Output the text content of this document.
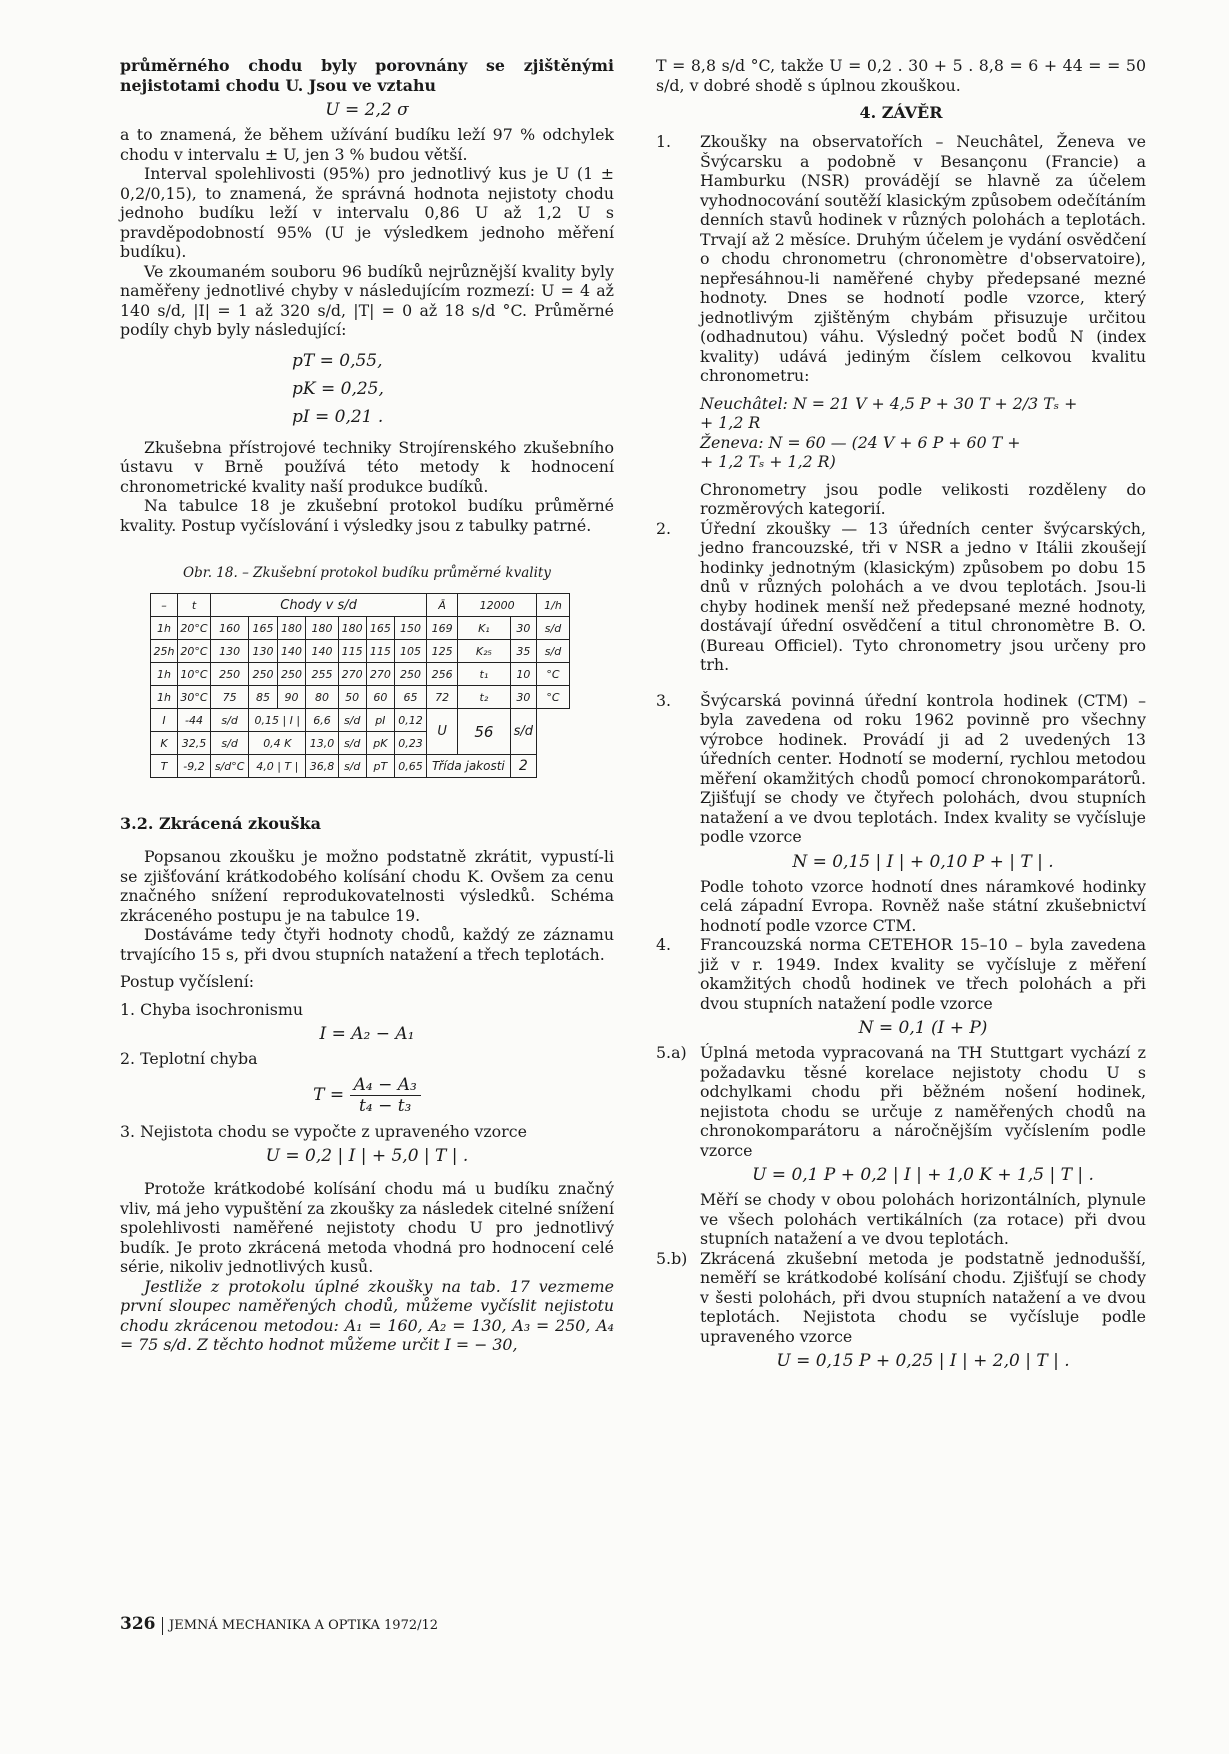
průměrného chodu byly porovnány se zjištěnými nejistotami chodu U. Jsou ve vztahu

U = 2,2 σ

a to znamená, že během užívání budíku leží 97 % odchylek chodu v intervalu ± U, jen 3 % budou větší.

Interval spolehlivosti (95%) pro jednotlivý kus je U (1 ± 0,2/0,15), to znamená, že správná hodnota nejistoty chodu jednoho budíku leží v intervalu 0,86 U až 1,2 U s pravděpodobností 95% (U je výsledkem jednoho měření budíku).

Ve zkoumaném souboru 96 budíků nejrůznější kvality byly naměřeny jednotlivé chyby v následujícím rozmezí: U = 4 až 140 s/d, |I| = 1 až 320 s/d, |T| = 0 až 18 s/d °C. Průměrné podíly chyb byly následující:

pT = 0,55,

pK = 0,25,

pI = 0,21 .

Zkušebna přístrojové techniky Strojírenského zkušebního ústavu v Brně používá této metody k hodnocení chronometrické kvality naší produkce budíků.

Na tabulce 18 je zkušební protokol budíku průměrné kvality. Postup vyčíslování i výsledky jsou z tabulky patrné.

Obr. 18. – Zkušební protokol budíku průměrné kvality

–	t	Chody v s/d							Ā	12000		1/h
1h	20°C	160	165	180	180	180	165	150	169	K₁	30	s/d
25h	20°C	130	130	140	140	115	115	105	125	K₂₅	35	s/d
1h	10°C	250	250	250	255	270	270	250	256	t₁	10	°C
1h	30°C	75	85	90	80	50	60	65	72	t₂	30	°C
I	-44	s/d	0,15 | I |		6,6	s/d	pI	0,12	U	56	s/d	
K	32,5	s/d	0,4 K		13,0	s/d	pK	0,23				
T	-9,2	s/d°C	4,0 | T |		36,8	s/d	pT	0,65	Třída jakosti		2	
3.2. Zkrácená zkouška

Popsanou zkoušku je možno podstatně zkrátit, vypustí-li se zjišťování krátkodobého kolísání chodu K. Ovšem za cenu značného snížení reprodukovatelnosti výsledků. Schéma zkráceného postupu je na tabulce 19.

Dostáváme tedy čtyři hodnoty chodů, každý ze záznamu trvajícího 15 s, při dvou stupních natažení a třech teplotách.

Postup vyčíslení:

1. Chyba isochronismu

I = A₂ − A₁

2. Teplotní chyba

$T = \frac{\text{A₄ − A₃}}{\text{t₄ − t₃}}$

3. Nejistota chodu se vypočte z upraveného vzorce

U = 0,2 | I | + 5,0 | T | .

Protože krátkodobé kolísání chodu má u budíku značný vliv, má jeho vypuštění za zkoušky za následek citelné snížení spolehlivosti naměřené nejistoty chodu U pro jednotlivý budík. Je proto zkrácená metoda vhodná pro hodnocení celé série, nikoliv jednotlivých kusů.

Jestliže z protokolu úplné zkoušky na tab. 17 vezmeme první sloupec naměřených chodů, můžeme vyčíslit nejistotu chodu zkrácenou metodou: A₁ = 160, A₂ = 130, A₃ = 250, A₄ = 75 s/d. Z těchto hodnot můžeme určit I = − 30,

T = 8,8 s/d °C, takže U = 0,2 . 30 + 5 . 8,8 = 6 + 44 = = 50 s/d, v dobré shodě s úplnou zkouškou.

4. ZÁVĚR
1. Zkoušky na observatořích – Neuchâtel, Ženeva ve Švýcarsku a podobně v Besançonu (Francie) a Hamburku (NSR) provádějí se hlavně za účelem vyhodnocování soutěží klasickým způsobem odečítáním denních stavů hodinek v různých polohách a teplotách. Trvají až 2 měsíce. Druhým účelem je vydání osvědčení o chodu chronometru (chronomètre d'observatoire), nepřesáhnou-li naměřené chyby předepsané mezné hodnoty. Dnes se hodnotí podle vzorce, který jednotlivým zjištěným chybám přisuzuje určitou (odhadnutou) váhu. Výsledný počet bodů N (index kvality) udává jediným číslem celkovou kvalitu chronometru:

Neuchâtel: N = 21 V + 4,5 P + 30 T + 2/3 Tₛ +

+ 1,2 R

Ženeva: N = 60 — (24 V + 6 P + 60 T +

+ 1,2 Tₛ + 1,2 R)

Chronometry jsou podle velikosti rozděleny do rozměrových kategorií.

2. Úřední zkoušky — 13 úředních center švýcarských, jedno francouzské, tři v NSR a jedno v Itálii zkoušejí hodinky jednotným (klasickým) způsobem po dobu 15 dnů v různých polohách a ve dvou teplotách. Jsou-li chyby hodinek menší než předepsané mezné hodnoty, dostávají úřední osvědčení a titul chronomètre B. O. (Bureau Officiel). Tyto chronometry jsou určeny pro trh.

3. Švýcarská povinná úřední kontrola hodinek (CTM) – byla zavedena od roku 1962 povinně pro všechny výrobce hodinek. Provádí ji ad 2 uvedených 13 úředních center. Hodnotí se moderní, rychlou metodou měření okamžitých chodů pomocí chronokomparátorů. Zjišťují se chody ve čtyřech polohách, dvou stupních natažení a ve dvou teplotách. Index kvality se vyčísluje podle vzorce

N = 0,15 | I | + 0,10 P + | T | .

Podle tohoto vzorce hodnotí dnes náramkové hodinky celá západní Evropa. Rovněž naše státní zkušebnictví hodnotí podle vzorce CTM.

4. Francouzská norma CETEHOR 15–10 – byla zavedena již v r. 1949. Index kvality se vyčísluje z měření okamžitých chodů hodinek ve třech polohách a při dvou stupních natažení podle vzorce

N = 0,1 (I + P)

5.a) Úplná metoda vypracovaná na TH Stuttgart vychází z požadavku těsné korelace nejistoty chodu U s odchylkami chodu při běžném nošení hodinek, nejistota chodu se určuje z naměřených chodů na chronokomparátoru a náročnějším vyčíslením podle vzorce

U = 0,1 P + 0,2 | I | + 1,0 K + 1,5 | T | .

Měří se chody v obou polohách horizontálních, plynule ve všech polohách vertikálních (za rotace) při dvou stupních natažení a ve dvou teplotách.

5.b) Zkrácená zkušební metoda je podstatně jednodušší, neměří se krátkodobé kolísání chodu. Zjišťují se chody v šesti polohách, při dvou stupních natažení a ve dvou teplotách. Nejistota chodu se vyčísluje podle upraveného vzorce

U = 0,15 P + 0,25 | I | + 2,0 | T | .

326 JEMNÁ MECHANIKA A OPTIKA 1972/12
